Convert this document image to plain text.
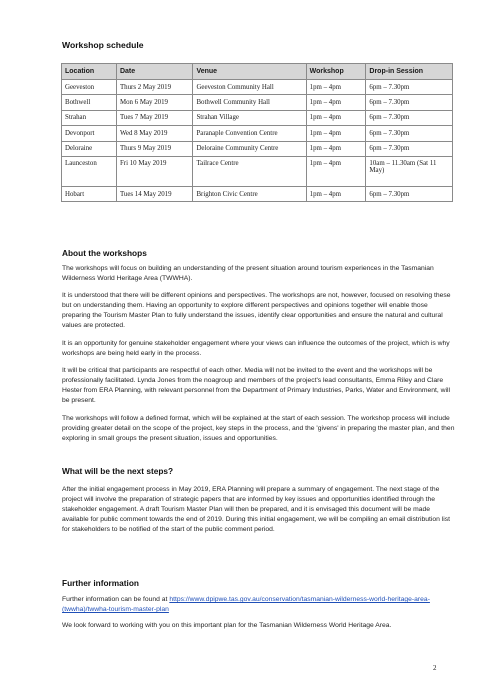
Workshop schedule
Location	Date	Venue	Workshop	Drop-in Session
Geeveston	Thurs 2 May 2019	Geeveston Community Hall	1pm – 4pm	6pm – 7.30pm
Bothwell	Mon 6 May 2019	Bothwell Community Hall	1pm – 4pm	6pm – 7.30pm
Strahan	Tues 7 May 2019	Strahan Village	1pm – 4pm	6pm – 7.30pm
Devonport	Wed 8 May 2019	Paranaple Convention Centre	1pm – 4pm	6pm – 7.30pm
Deloraine	Thurs 9 May 2019	Deloraine Community Centre	1pm – 4pm	6pm – 7.30pm
Launceston	Fri 10 May 2019	Tailrace Centre	1pm – 4pm	10am – 11.30am (Sat 11 May)
Hobart	Tues 14 May 2019	Brighton Civic Centre	1pm – 4pm	6pm – 7.30pm
About the workshops

The workshops will focus on building an understanding of the present situation around tourism experiences in the Tasmanian Wilderness World Heritage Area (TWWHA).

It is understood that there will be different opinions and perspectives. The workshops are not, however, focused on resolving these but on understanding them. Having an opportunity to explore different perspectives and opinions together will enable those preparing the Tourism Master Plan to fully understand the issues, identify clear opportunities and ensure the natural and cultural values are protected.

It is an opportunity for genuine stakeholder engagement where your views can influence the outcomes of the project, which is why workshops are being held early in the process.

It will be critical that participants are respectful of each other. Media will not be invited to the event and the workshops will be professionally facilitated. Lynda Jones from the noagroup and members of the project's lead consultants, Emma Riley and Clare Hester from ERA Planning, with relevant personnel from the Department of Primary Industries, Parks, Water and Environment, will be present.

The workshops will follow a defined format, which will be explained at the start of each session. The workshop process will include providing greater detail on the scope of the project, key steps in the process, and the 'givens' in preparing the master plan, and then exploring in small groups the present situation, issues and opportunities.

What will be the next steps?

After the initial engagement process in May 2019, ERA Planning will prepare a summary of engagement. The next stage of the project will involve the preparation of strategic papers that are informed by key issues and opportunities identified through the stakeholder engagement. A draft Tourism Master Plan will then be prepared, and it is envisaged this document will be made available for public comment towards the end of 2019. During this initial engagement, we will be compiling an email distribution list for stakeholders to be notified of the start of the public comment period.

Further information

Further information can be found at https://www.dpipwe.tas.gov.au/conservation/tasmanian-wilderness-world-heritage-area-(twwha)/twwha-tourism-master-plan

We look forward to working with you on this important plan for the Tasmanian Wilderness World Heritage Area.

2
